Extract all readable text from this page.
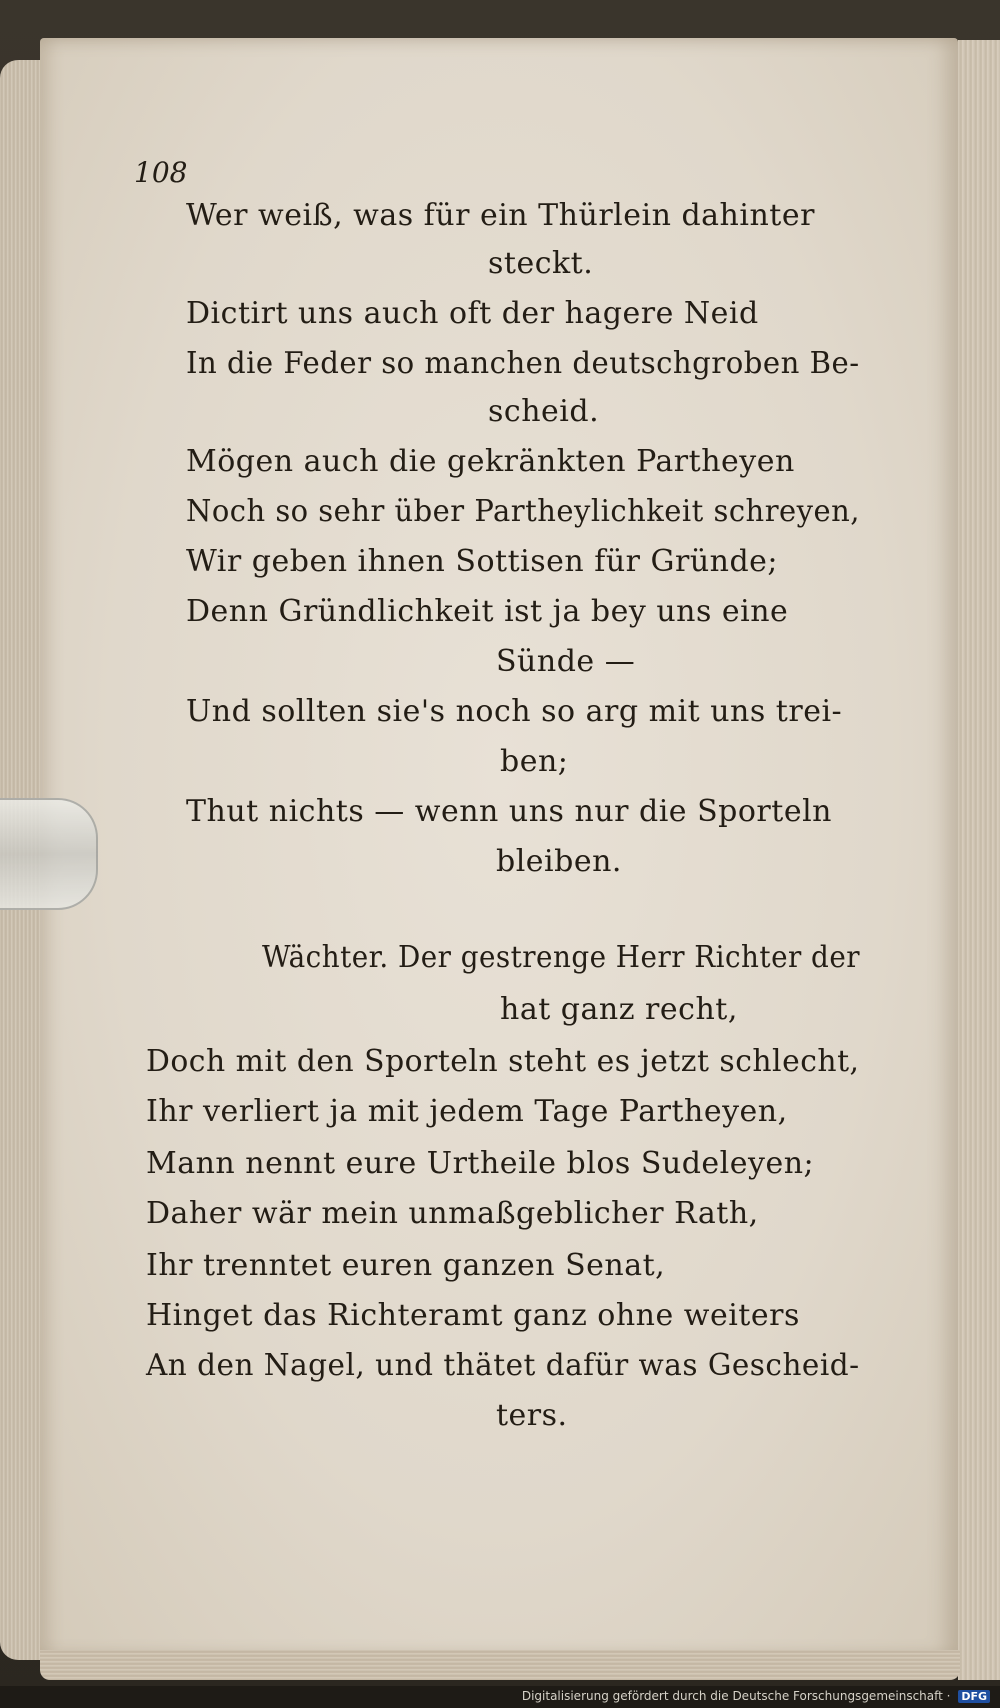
108
Wer weiß, was für ein Thürlein dahinter
steckt.
Dictirt uns auch oft der hagere Neid
In die Feder so manchen deutschgroben Be-
scheid.
Mögen auch die gekränkten Partheyen
Noch so sehr über Partheylichkeit schreyen,
Wir geben ihnen Sottisen für Gründe;
Denn Gründlichkeit ist ja bey uns eine
Sünde —
Und sollten sie's noch so arg mit uns trei-
ben;
Thut nichts — wenn uns nur die Sporteln
bleiben.
Wächter. Der gestrenge Herr Richter der
hat ganz recht,
Doch mit den Sporteln steht es jetzt schlecht,
Ihr verliert ja mit jedem Tage Partheyen,
Mann nennt eure Urtheile blos Sudeleyen;
Daher wär mein unmaßgeblicher Rath,
Ihr trenntet euren ganzen Senat,
Hinget das Richteramt ganz ohne weiters
An den Nagel, und thätet dafür was Gescheid-
ters.
Digitalisierung gefördert durch die Deutsche Forschungsgemeinschaft · DFG
